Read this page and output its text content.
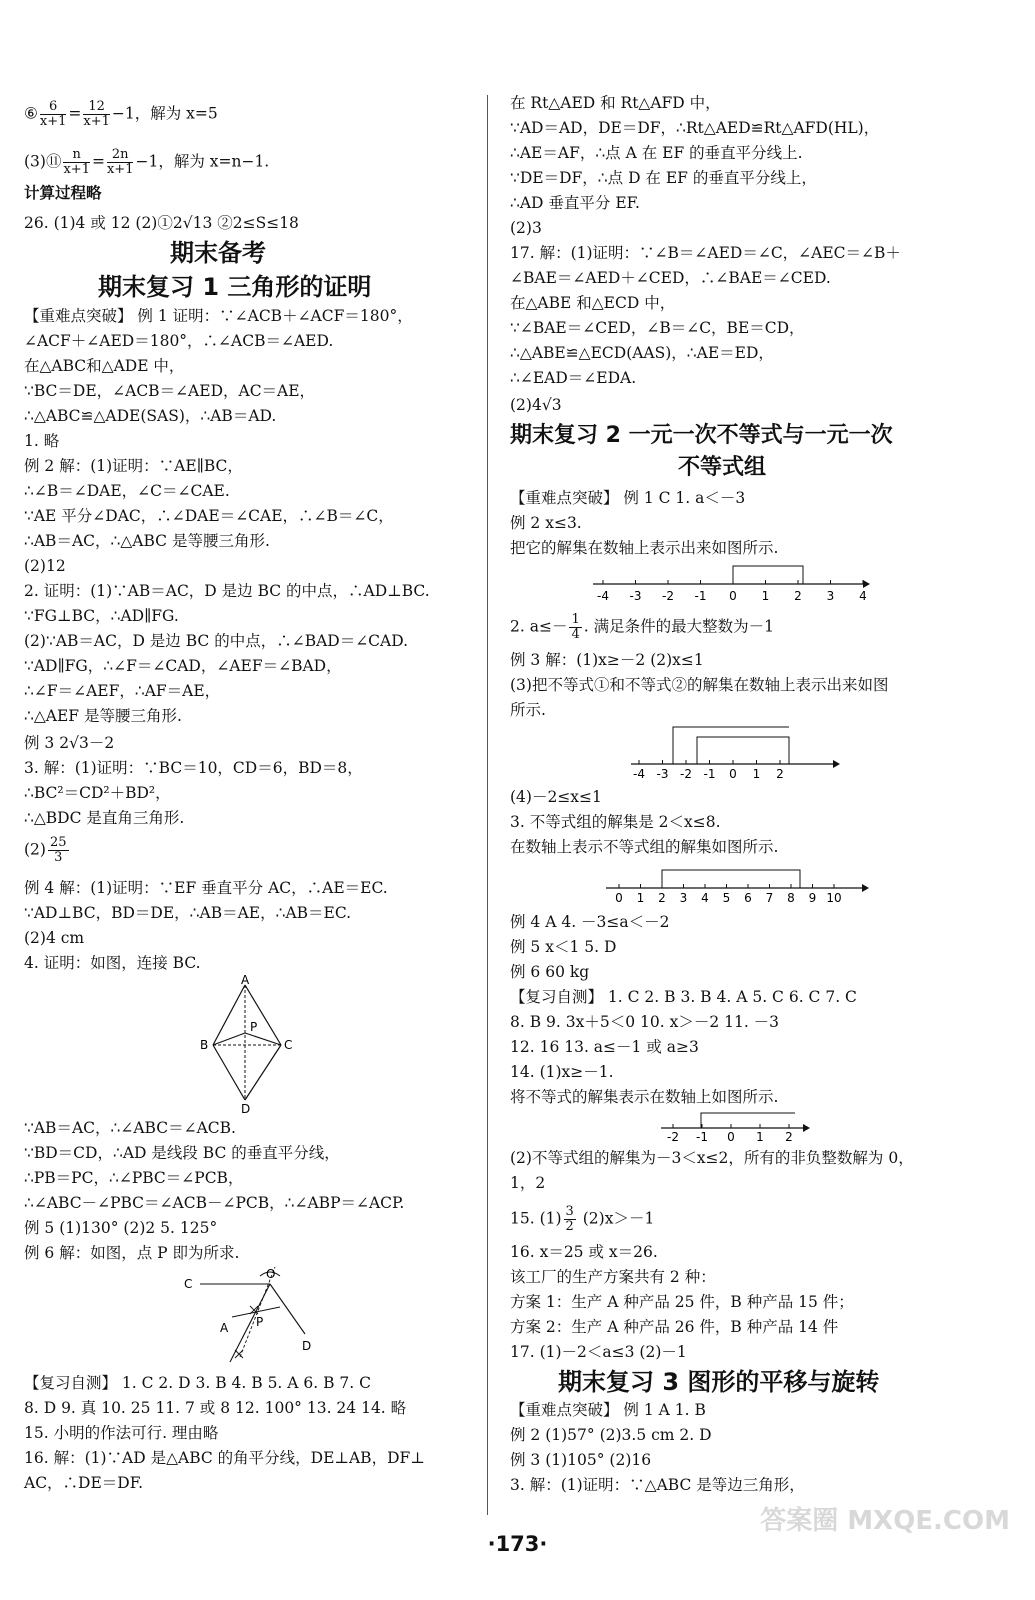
⑥ $\frac{6}{x+1} = \frac{12}{x+1} -1$，解为 x=5
(3)⑪ $\frac{n}{x+1} = \frac{2n}{x+1} -1$，解为 x=n−1.
计算过程略
26. (1)4 或 12 (2)①2√13 ②2≤S≤18
期末备考
期末复习 1 三角形的证明
【重难点突破】 例 1 证明：∵∠ACB＋∠ACF＝180°，
∠ACF＋∠AED＝180°，∴∠ACB＝∠AED.
在△ABC和△ADE 中，
∵BC＝DE，∠ACB＝∠AED，AC＝AE，
∴△ABC≌△ADE(SAS)，∴AB＝AD.
1. 略
例 2 解：(1)证明：∵AE∥BC，
∴∠B＝∠DAE，∠C＝∠CAE.
∵AE 平分∠DAC，∴∠DAE＝∠CAE，∴∠B＝∠C，
∴AB＝AC，∴△ABC 是等腰三角形.
(2)12
2. 证明：(1)∵AB＝AC，D 是边 BC 的中点，∴AD⊥BC.
∵FG⊥BC，∴AD∥FG.
(2)∵AB＝AC，D 是边 BC 的中点，∴∠BAD＝∠CAD.
∵AD∥FG，∴∠F＝∠CAD，∠AEF＝∠BAD，
∴∠F＝∠AEF，∴AF＝AE，
∴△AEF 是等腰三角形.
例 3 2√3－2
3. 解：(1)证明：∵BC＝10，CD＝6，BD＝8，
∴BC²＝CD²＋BD²，
∴△BDC 是直角三角形.
$(2) \frac{25}{3}$
例 4 解：(1)证明：∵EF 垂直平分 AC，∴AE＝EC.
∵AD⊥BC，BD＝DE，∴AB＝AE，∴AB＝EC.
(2)4 cm
4. 证明：如图，连接 BC.
A
B	C
D
P
∵AB＝AC，∴∠ABC＝∠ACB.
∵BD＝CD，∴AD 是线段 BC 的垂直平分线，
∴PB＝PC，∴∠PBC＝∠PCB，
∴∠ABC－∠PBC＝∠ACB－∠PCB，∴∠ABP＝∠ACP.
例 5 (1)130° (2)2 5. 125°
例 6 解：如图，点 P 即为所求.
C
O
A P
D
【复习自测】 1. C 2. D 3. B 4. B 5. A 6. B 7. C
8. D 9. 真 10. 25 11. 7 或 8 12. 100° 13. 24 14. 略
15. 小明的作法可行. 理由略
16. 解：(1)∵AD 是△ABC 的角平分线，DE⊥AB，DF⊥
AC，∴DE＝DF.
在 Rt△AED 和 Rt△AFD 中，
∵AD＝AD，DE＝DF，∴Rt△AED≌Rt△AFD(HL)，
∴AE＝AF，∴点 A 在 EF 的垂直平分线上.
∵DE＝DF，∴点 D 在 EF 的垂直平分线上，
∴AD 垂直平分 EF.
(2)3
17. 解：(1)证明：∵∠B＝∠AED＝∠C，∠AEC＝∠B＋
∠BAE＝∠AED＋∠CED，∴∠BAE＝∠CED.
在△ABE 和△ECD 中，
∵∠BAE＝∠CED，∠B＝∠C，BE＝CD，
∴△ABE≌△ECD(AAS)，∴AE＝ED，
∴∠EAD＝∠EDA.
(2)4√3
期末复习 2 一元一次不等式与一元一次
不等式组
【重难点突破】 例 1 C 1. a＜－3
例 2 x≤3.
把它的解集在数轴上表示出来如图所示.
-4 -3 -2 -1 0 1 2 3 4
2. $a\le- \frac{1}{4}$ . 满足条件的最大整数为－1
例 3 解：(1)x≥－2 (2)x≤1
(3)把不等式①和不等式②的解集在数轴上表示出来如图
所示.
-4 -3 -2 -1 0 1 2
(4)－2≤x≤1
3. 不等式组的解集是 2＜x≤8.
在数轴上表示不等式组的解集如图所示.
0 1 2 3 4 5 6 7 8 9 10
例 4 A 4. －3≤a＜－2
例 5 x＜1 5. D
例 6 60 kg
【复习自测】 1. C 2. B 3. B 4. A 5. C 6. C 7. C
8. B 9. 3x＋5＜0 10. x＞－2 11. －3
12. 16 13. a≤－1 或 a≥3
14. (1)x≥－1.
将不等式的解集表示在数轴上如图所示.
-2 -1 0 1 2
(2)不等式组的解集为－3＜x≤2，所有的非负整数解为 0，
1，2
15. $(1) \frac{3}{2} (2)x>-1$
16. x＝25 或 x＝26.
该工厂的生产方案共有 2 种：
方案 1：生产 A 种产品 25 件，B 种产品 15 件；
方案 2：生产 A 种产品 26 件，B 种产品 14 件
17. (1)－2＜a≤3 (2)－1
期末复习 3 图形的平移与旋转
【重难点突破】 例 1 A 1. B
例 2 (1)57° (2)3.5 cm 2. D
例 3 (1)105° (2)16
3. 解：(1)证明：∵△ABC 是等边三角形，
·173·
答案圈 MXQE.COM
